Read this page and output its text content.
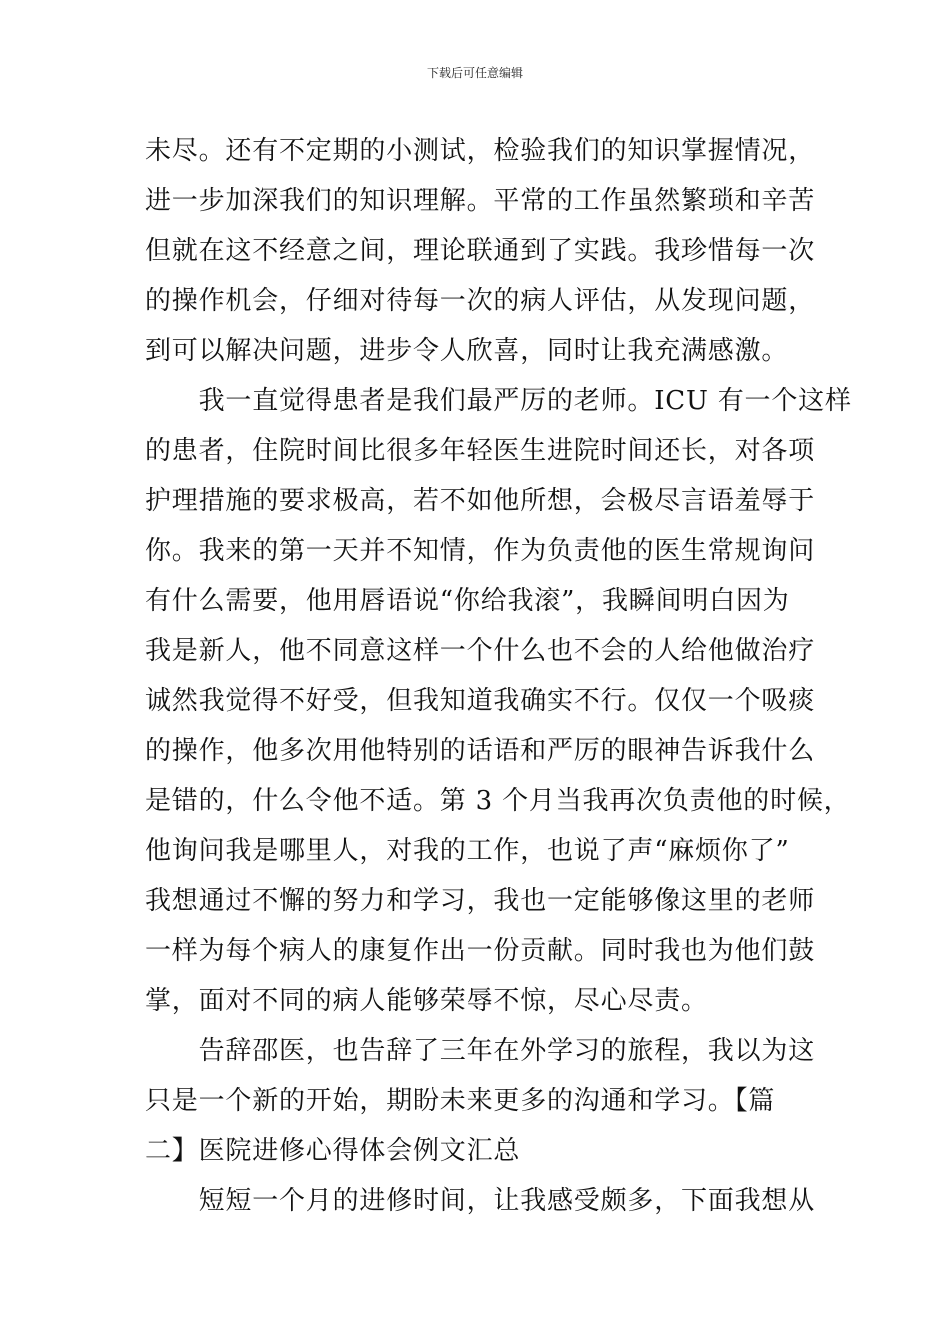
下载后可任意编辑
未尽。还有不定期的小测试，检验我们的知识掌握情况，
进一步加深我们的知识理解。平常的工作虽然繁琐和辛苦
但就在这不经意之间，理论联通到了实践。我珍惜每一次
的操作机会，仔细对待每一次的病人评估，从发现问题，
到可以解决问题，进步令人欣喜，同时让我充满感激。
　　我一直觉得患者是我们最严厉的老师。ICU 有一个这样
的患者，住院时间比很多年轻医生进院时间还长，对各项
护理措施的要求极高，若不如他所想，会极尽言语羞辱于
你。我来的第一天并不知情，作为负责他的医生常规询问
有什么需要，他用唇语说“你给我滚”，我瞬间明白因为
我是新人，他不同意这样一个什么也不会的人给他做治疗
诚然我觉得不好受，但我知道我确实不行。仅仅一个吸痰
的操作，他多次用他特别的话语和严厉的眼神告诉我什么
是错的，什么令他不适。第 3 个月当我再次负责他的时候，
他询问我是哪里人，对我的工作，也说了声“麻烦你了”
我想通过不懈的努力和学习，我也一定能够像这里的老师
一样为每个病人的康复作出一份贡献。同时我也为他们鼓
掌，面对不同的病人能够荣辱不惊，尽心尽责。
　　告辞邵医，也告辞了三年在外学习的旅程，我以为这
只是一个新的开始，期盼未来更多的沟通和学习。【篇
二】医院进修心得体会例文汇总
　　短短一个月的进修时间，让我感受颇多，下面我想从
